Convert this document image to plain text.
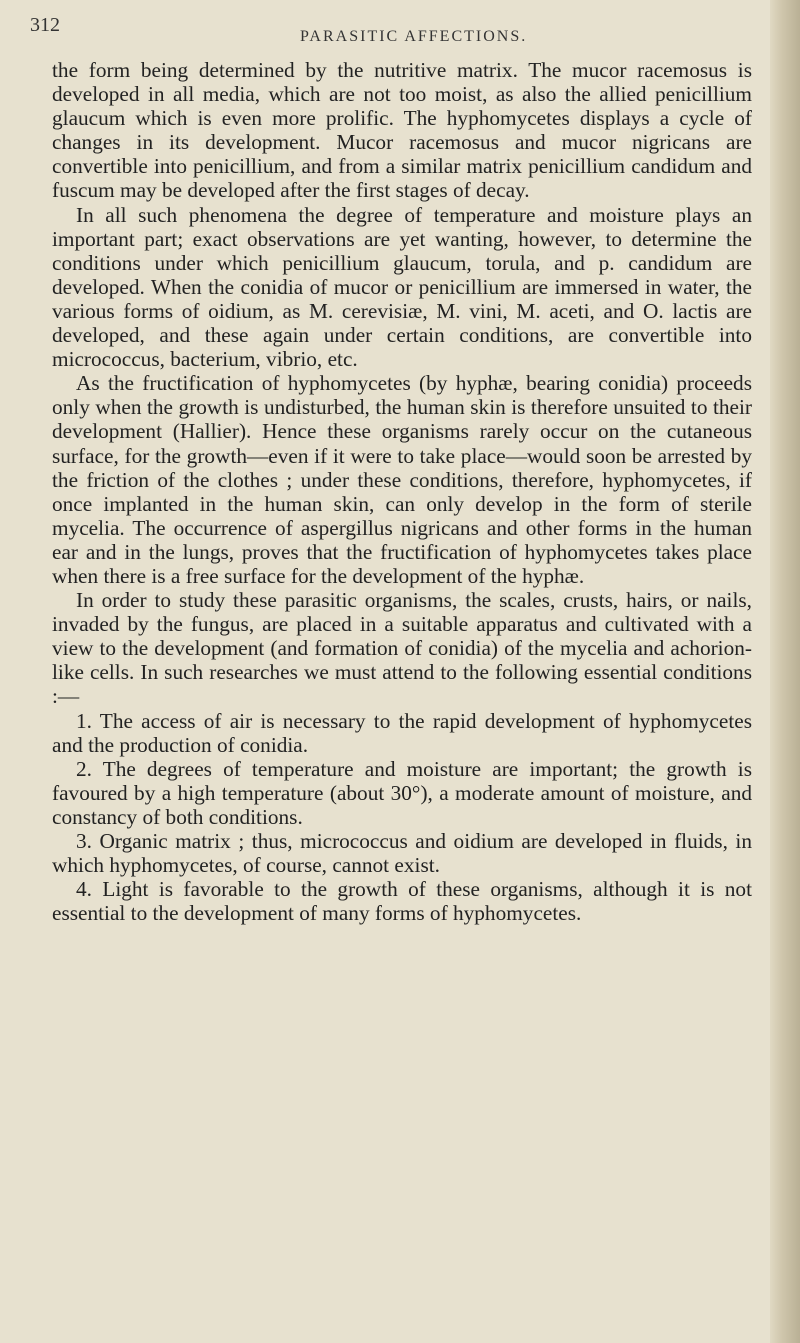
312
PARASITIC AFFECTIONS.

the form being determined by the nutritive matrix. The mucor racemosus is developed in all media, which are not too moist, as also the allied penicillium glaucum which is even more prolific. The hyphomycetes displays a cycle of changes in its development. Mucor racemosus and mucor nigricans are convertible into penicillium, and from a similar matrix penicillium candidum and fuscum may be developed after the first stages of decay.

In all such phenomena the degree of temperature and moisture plays an important part; exact observations are yet wanting, however, to determine the conditions under which penicillium glaucum, torula, and p. candidum are developed. When the conidia of mucor or penicillium are immersed in water, the various forms of oidium, as M. cerevisiæ, M. vini, M. aceti, and O. lactis are developed, and these again under certain conditions, are convertible into micrococcus, bacterium, vibrio, etc.

As the fructification of hyphomycetes (by hyphæ, bearing conidia) proceeds only when the growth is undisturbed, the human skin is therefore unsuited to their development (Hallier). Hence these organisms rarely occur on the cutaneous surface, for the growth—even if it were to take place—would soon be arrested by the friction of the clothes ; under these conditions, therefore, hyphomycetes, if once implanted in the human skin, can only develop in the form of sterile mycelia. The occurrence of aspergillus nigricans and other forms in the human ear and in the lungs, proves that the fructification of hyphomycetes takes place when there is a free surface for the development of the hyphæ.

In order to study these parasitic organisms, the scales, crusts, hairs, or nails, invaded by the fungus, are placed in a suitable apparatus and cultivated with a view to the development (and formation of conidia) of the mycelia and achorion-like cells. In such researches we must attend to the following essential conditions :—

1. The access of air is necessary to the rapid development of hyphomycetes and the production of conidia.

2. The degrees of temperature and moisture are important; the growth is favoured by a high temperature (about 30°), a moderate amount of moisture, and constancy of both conditions.

3. Organic matrix ; thus, micrococcus and oidium are developed in fluids, in which hyphomycetes, of course, cannot exist.

4. Light is favorable to the growth of these organisms, although it is not essential to the development of many forms of hyphomycetes.
